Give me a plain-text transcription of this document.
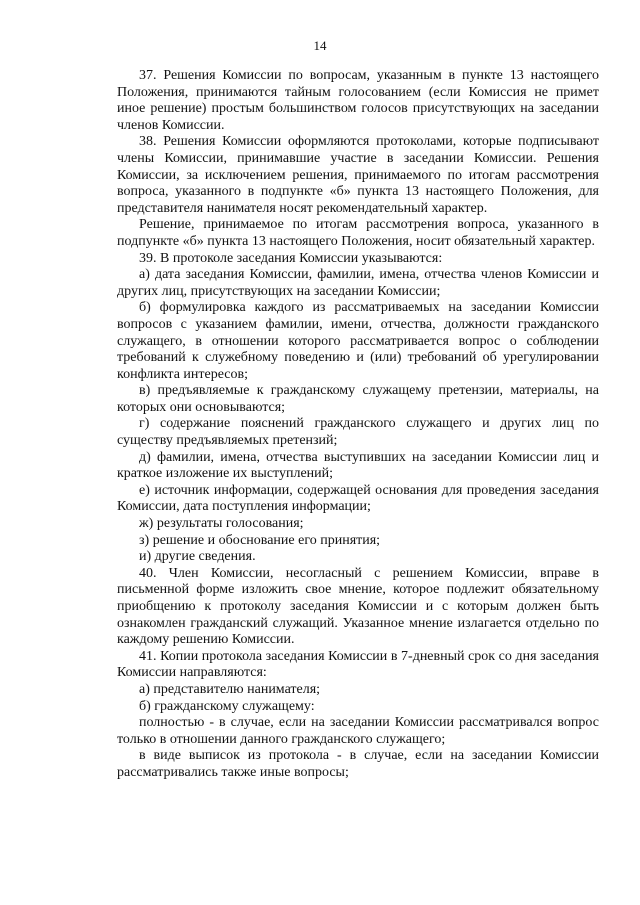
14

37. Решения Комиссии по вопросам, указанным в пункте 13 настоящего Положения, принимаются тайным голосованием (если Комиссия не примет иное решение) простым большинством голосов присутствующих на заседании членов Комиссии.

38. Решения Комиссии оформляются протоколами, которые подписывают члены Комиссии, принимавшие участие в заседании Комиссии. Решения Комиссии, за исключением решения, принимаемого по итогам рассмотрения вопроса, указанного в подпункте «б» пункта 13 настоящего Положения, для представителя нанимателя носят рекомендательный характер.

Решение, принимаемое по итогам рассмотрения вопроса, указанного в подпункте «б» пункта 13 настоящего Положения, носит обязательный характер.

39. В протоколе заседания Комиссии указываются:

а) дата заседания Комиссии, фамилии, имена, отчества членов Комиссии и других лиц, присутствующих на заседании Комиссии;

б) формулировка каждого из рассматриваемых на заседании Комиссии вопросов с указанием фамилии, имени, отчества, должности гражданского служащего, в отношении которого рассматривается вопрос о соблюдении требований к служебному поведению и (или) требований об урегулировании конфликта интересов;

в) предъявляемые к гражданскому служащему претензии, материалы, на которых они основываются;

г) содержание пояснений гражданского служащего и других лиц по существу предъявляемых претензий;

д) фамилии, имена, отчества выступивших на заседании Комиссии лиц и краткое изложение их выступлений;

е) источник информации, содержащей основания для проведения заседания Комиссии, дата поступления информации;

ж) результаты голосования;

з) решение и обоснование его принятия;

и) другие сведения.

40. Член Комиссии, несогласный с решением Комиссии, вправе в письменной форме изложить свое мнение, которое подлежит обязательному приобщению к протоколу заседания Комиссии и с которым должен быть ознакомлен гражданский служащий. Указанное мнение излагается отдельно по каждому решению Комиссии.

41. Копии протокола заседания Комиссии в 7-дневный срок со дня заседания Комиссии направляются:

а) представителю нанимателя;

б) гражданскому служащему:

полностью - в случае, если на заседании Комиссии рассматривался вопрос только в отношении данного гражданского служащего;

в виде выписок из протокола - в случае, если на заседании Комиссии рассматривались также иные вопросы;
